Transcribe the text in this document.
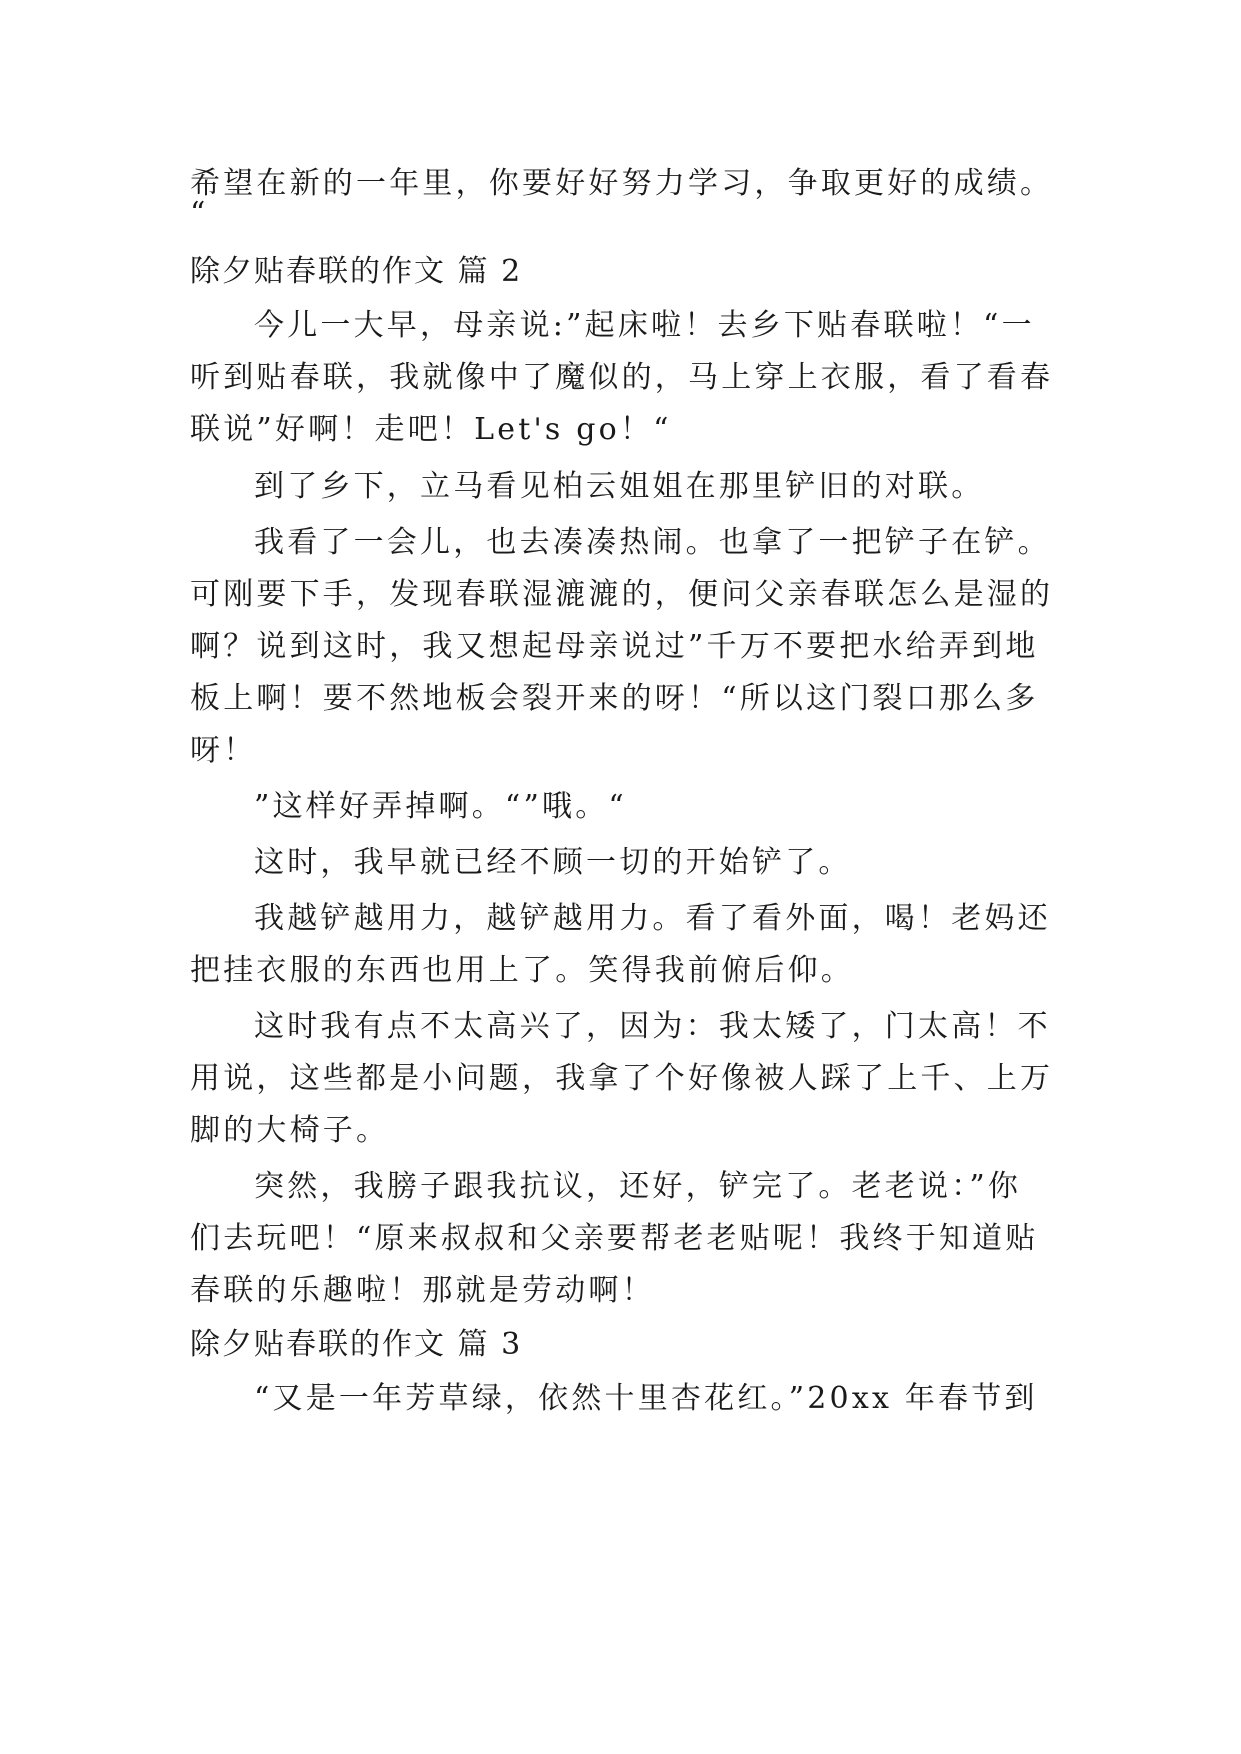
希望在新的一年里，你要好好努力学习，争取更好的成绩。
“
除夕贴春联的作文 篇 2
今儿一大早，母亲说:”起床啦！去乡下贴春联啦！“一
听到贴春联，我就像中了魔似的，马上穿上衣服，看了看春
联说”好啊！走吧！Let's go！“
到了乡下，立马看见柏云姐姐在那里铲旧的对联。
我看了一会儿，也去凑凑热闹。也拿了一把铲子在铲。
可刚要下手，发现春联湿漉漉的，便问父亲春联怎么是湿的
啊？说到这时，我又想起母亲说过”千万不要把水给弄到地
板上啊！要不然地板会裂开来的呀！“所以这门裂口那么多
呀！
”这样好弄掉啊。“”哦。“
这时，我早就已经不顾一切的开始铲了。
我越铲越用力，越铲越用力。看了看外面，喝！老妈还
把挂衣服的东西也用上了。笑得我前俯后仰。
这时我有点不太高兴了，因为：我太矮了，门太高！不
用说，这些都是小问题，我拿了个好像被人踩了上千、上万
脚的大椅子。
突然，我膀子跟我抗议，还好，铲完了。老老说：”你
们去玩吧！“原来叔叔和父亲要帮老老贴呢！我终于知道贴
春联的乐趣啦！那就是劳动啊！
除夕贴春联的作文 篇 3
“又是一年芳草绿，依然十里杏花红。”20xx 年春节到
